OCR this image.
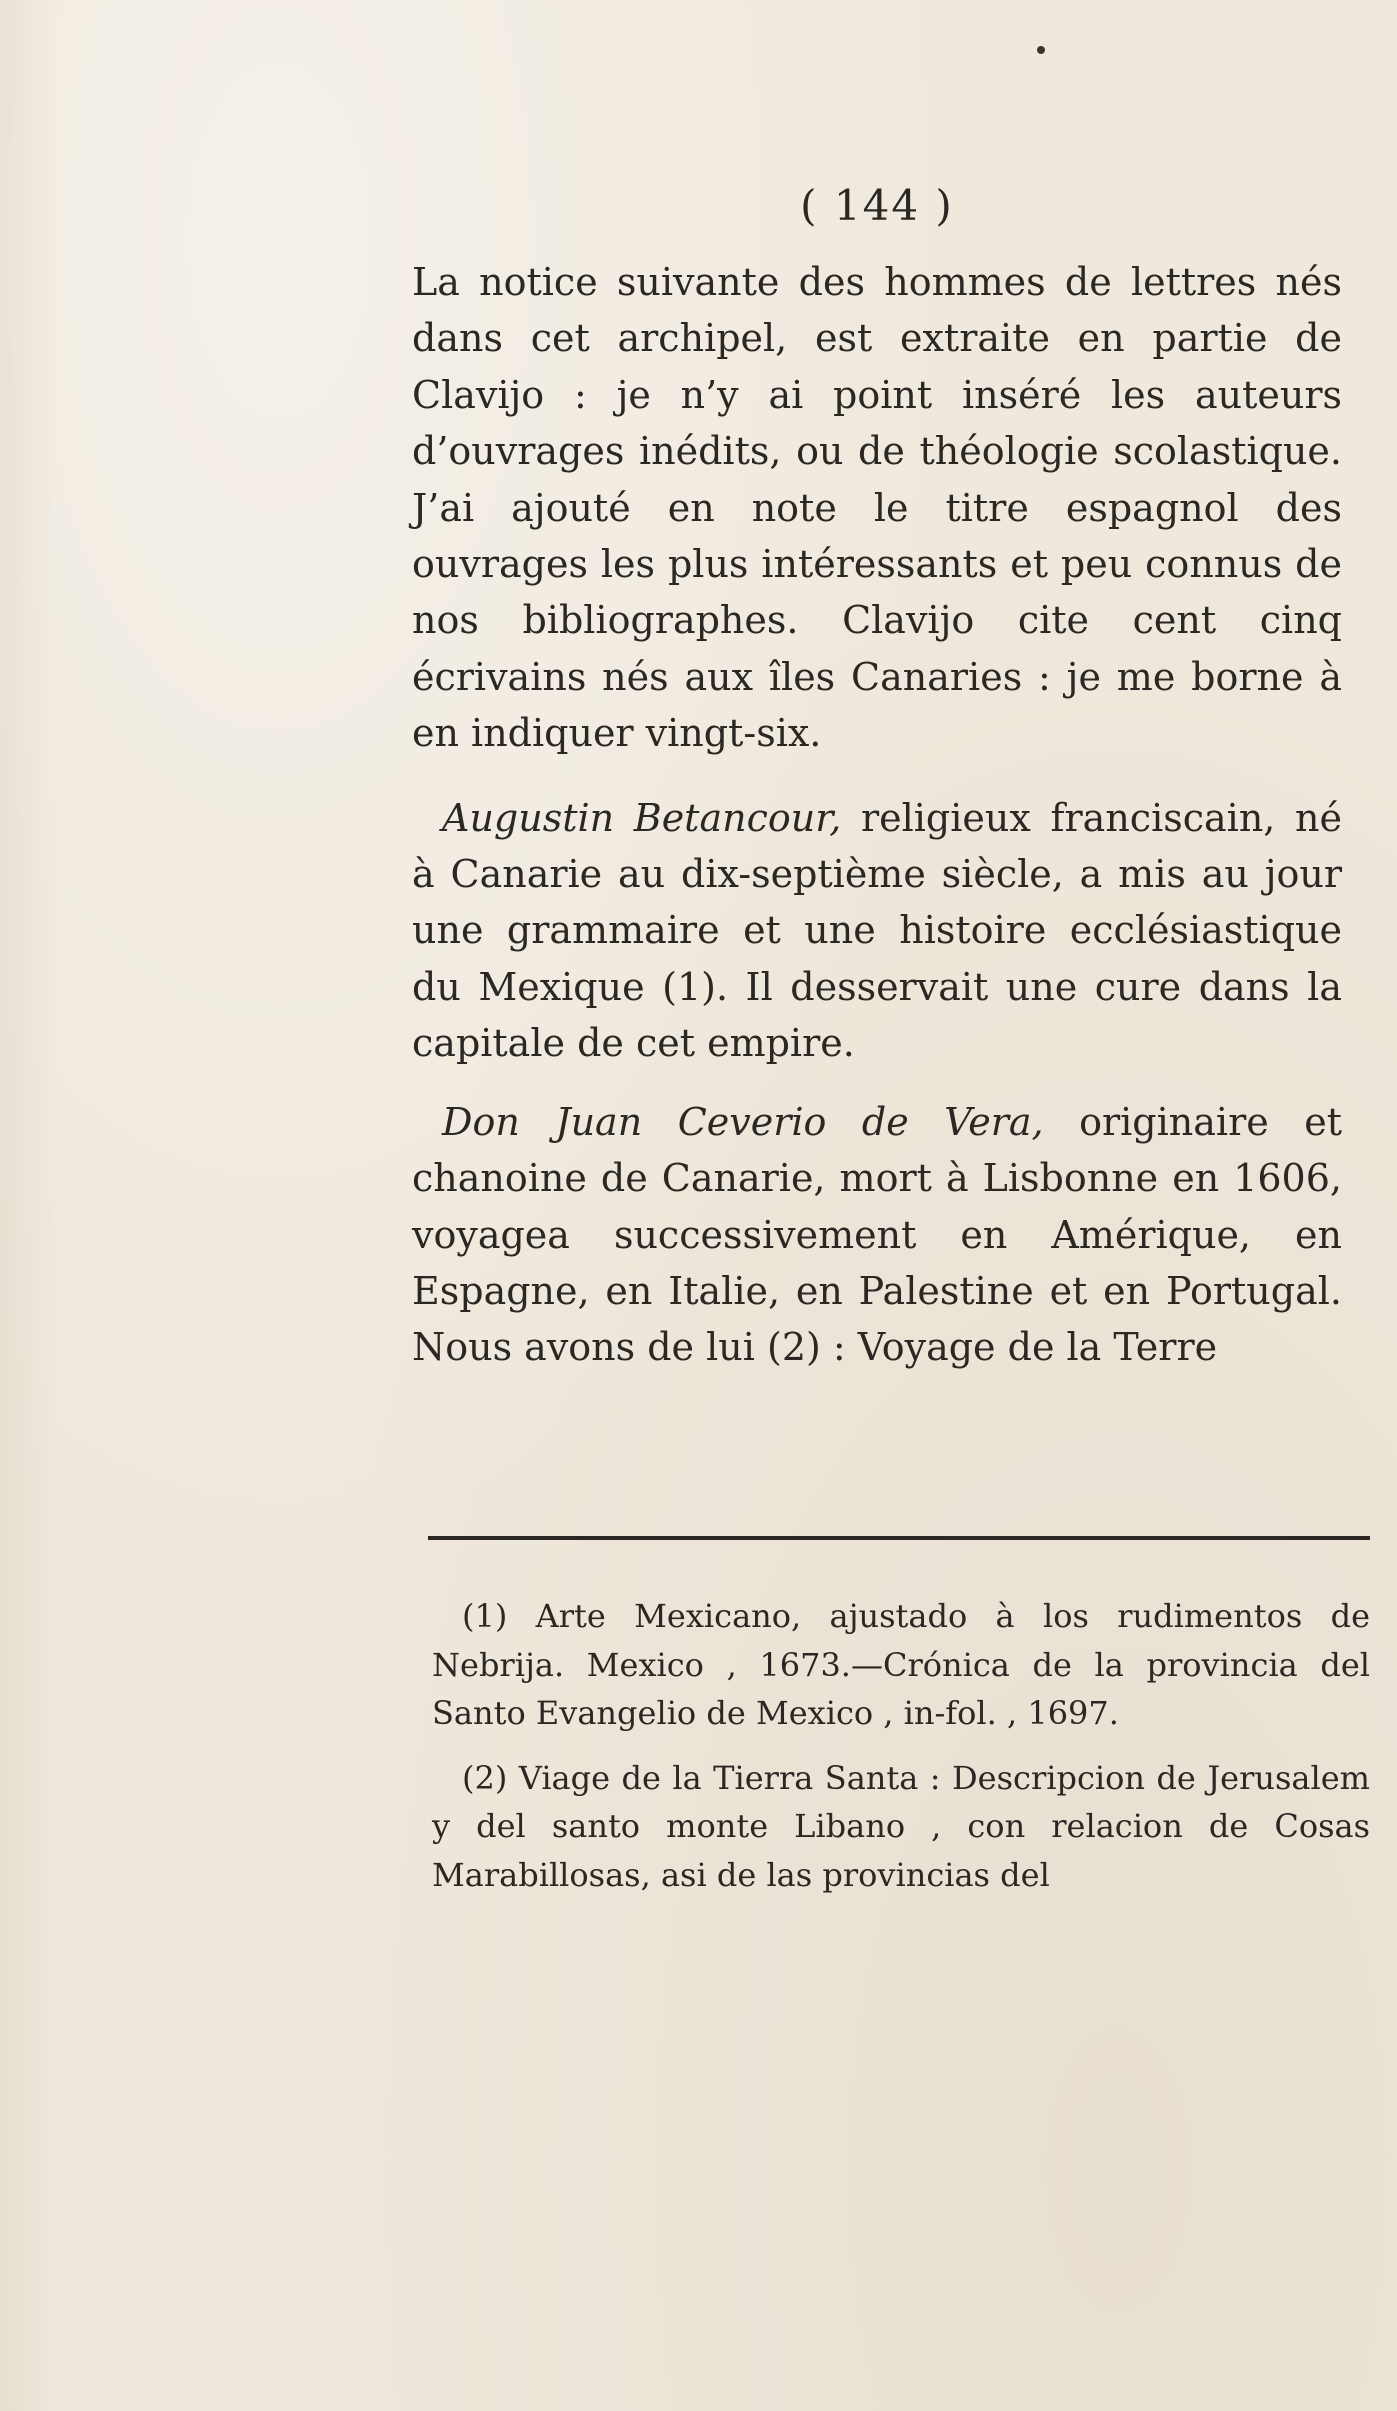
( 144 )

La notice suivante des hommes de lettres nés dans cet archipel, est extraite en partie de Clavijo : je n’y ai point inséré les auteurs d’ouvrages inédits, ou de théologie scolastique. J’ai ajouté en note le titre espagnol des ouvrages les plus intéressants et peu connus de nos bibliographes. Clavijo cite cent cinq écrivains nés aux îles Canaries : je me borne à en indiquer vingt-six.

Augustin Betancour, religieux franciscain, né à Canarie au dix-septième siècle, a mis au jour une grammaire et une histoire ecclésiastique du Mexique (1). Il desservait une cure dans la capitale de cet empire.

Don Juan Ceverio de Vera, originaire et chanoine de Canarie, mort à Lisbonne en 1606, voyagea successivement en Amérique, en Espagne, en Italie, en Palestine et en Portugal. Nous avons de lui (2) : Voyage de la Terre

(1) Arte Mexicano, ajustado à los rudimentos de Nebrija. Mexico , 1673.—Crónica de la provincia del Santo Evangelio de Mexico , in-fol. , 1697.

(2) Viage de la Tierra Santa : Descripcion de Jerusalem y del santo monte Libano , con relacion de Cosas Marabillosas, asi de las provincias del
